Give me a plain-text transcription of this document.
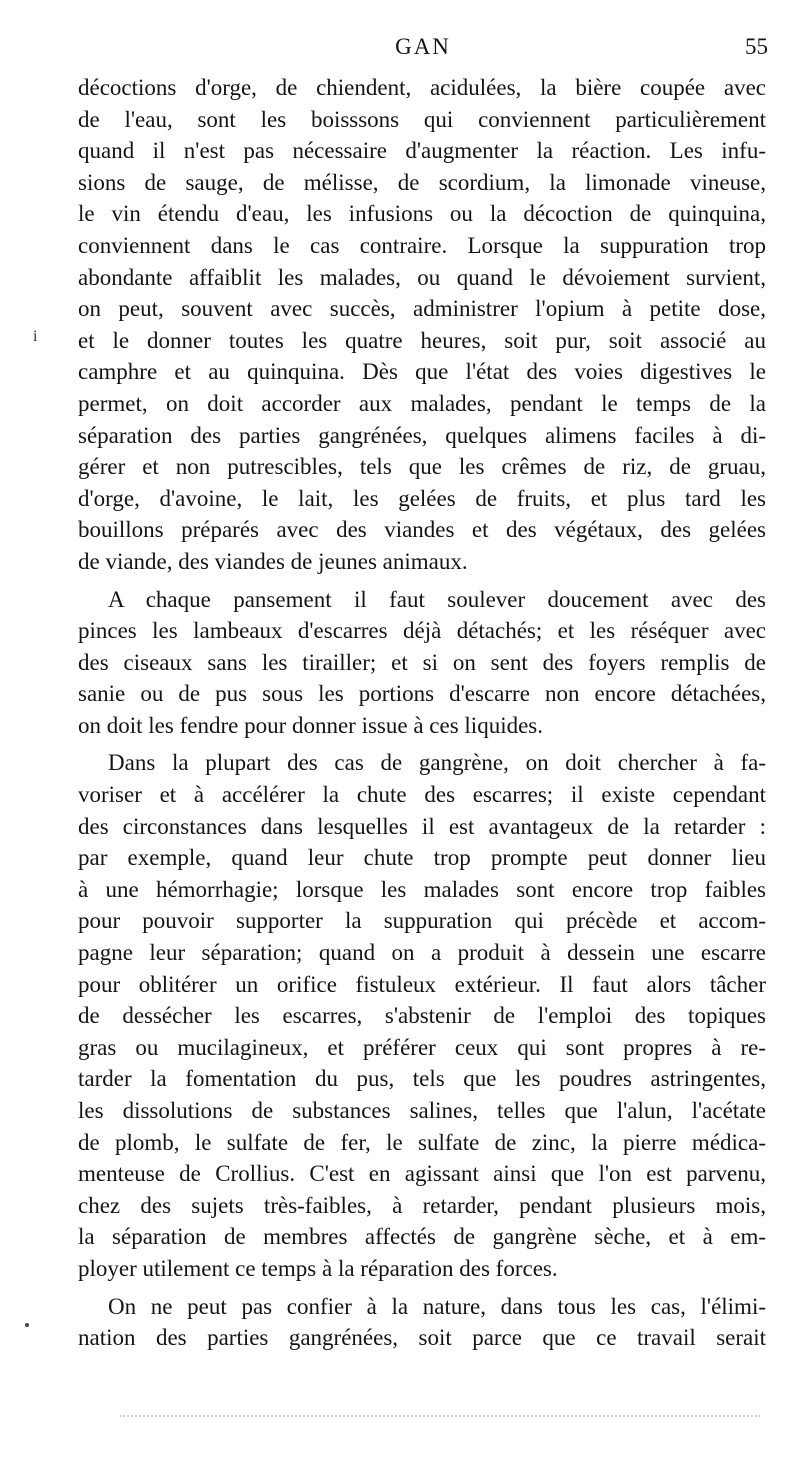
GAN	55
i
décoctions d'orge, de chiendent, acidulées, la bière coupée avec
de l'eau, sont les boisssons qui conviennent particulièrement
quand il n'est pas nécessaire d'augmenter la réaction. Les infu-
sions de sauge, de mélisse, de scordium, la limonade vineuse,
le vin étendu d'eau, les infusions ou la décoction de quinquina,
conviennent dans le cas contraire. Lorsque la suppuration trop
abondante affaiblit les malades, ou quand le dévoiement survient,
on peut, souvent avec succès, administrer l'opium à petite dose,
et le donner toutes les quatre heures, soit pur, soit associé au
camphre et au quinquina. Dès que l'état des voies digestives le
permet, on doit accorder aux malades, pendant le temps de la
séparation des parties gangrénées, quelques alimens faciles à di-
gérer et non putrescibles, tels que les crêmes de riz, de gruau,
d'orge, d'avoine, le lait, les gelées de fruits, et plus tard les
bouillons préparés avec des viandes et des végétaux, des gelées
de viande, des viandes de jeunes animaux.
A chaque pansement il faut soulever doucement avec des
pinces les lambeaux d'escarres déjà détachés; et les réséquer avec
des ciseaux sans les tirailler; et si on sent des foyers remplis de
sanie ou de pus sous les portions d'escarre non encore détachées,
on doit les fendre pour donner issue à ces liquides.
Dans la plupart des cas de gangrène, on doit chercher à fa-
voriser et à accélérer la chute des escarres; il existe cependant
des circonstances dans lesquelles il est avantageux de la retarder :
par exemple, quand leur chute trop prompte peut donner lieu
à une hémorrhagie; lorsque les malades sont encore trop faibles
pour pouvoir supporter la suppuration qui précède et accom-
pagne leur séparation; quand on a produit à dessein une escarre
pour oblitérer un orifice fistuleux extérieur. Il faut alors tâcher
de dessécher les escarres, s'abstenir de l'emploi des topiques
gras ou mucilagineux, et préférer ceux qui sont propres à re-
tarder la fomentation du pus, tels que les poudres astringentes,
les dissolutions de substances salines, telles que l'alun, l'acétate
de plomb, le sulfate de fer, le sulfate de zinc, la pierre médica-
menteuse de Crollius. C'est en agissant ainsi que l'on est parvenu,
chez des sujets très-faibles, à retarder, pendant plusieurs mois,
la séparation de membres affectés de gangrène sèche, et à em-
ployer utilement ce temps à la réparation des forces.
On ne peut pas confier à la nature, dans tous les cas, l'élimi-
nation des parties gangrénées, soit parce que ce travail serait
